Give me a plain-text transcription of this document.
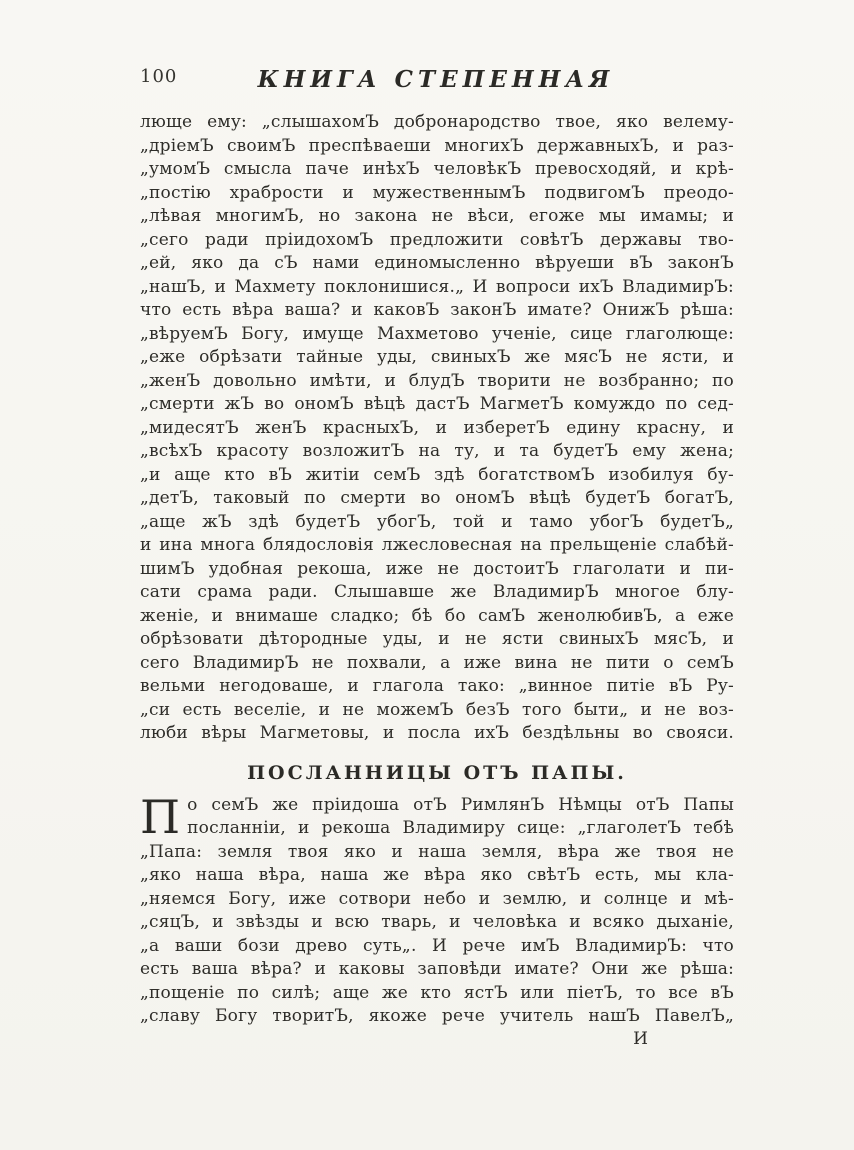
КНИГА СТЕПЕННАЯ
100
люще ему: „слышахомЪ добронародство твое, яко велему-
„дріемЪ своимЪ преспѣваеши многихЪ державныхЪ, и раз-
„умомЪ смысла паче инѣхЪ человѣкЪ превосходяй, и крѣ-
„постію храбрости и мужественнымЪ подвигомЪ преодо-
„лѣвая многимЪ, но закона не вѣси, егоже мы имамы; и
„сего ради пріидохомЪ предложити совѣтЪ державы тво-
„ей, яко да сЪ нами единомысленно вѣруеши вЪ законЪ
„нашЪ, и Махмету поклонишися.„ И вопроси ихЪ ВладимирЪ:
что есть вѣра ваша? и каковЪ законЪ имате? ОнижЪ рѣша:
„вѣруемЪ Богу, имуще Махметово ученіе, сице глаголюще:
„еже обрѣзати тайные уды, свиныхЪ же мясЪ не ясти, и
„женЪ довольно имѣти, и блудЪ творити не возбранно; по
„смерти жЪ во ономЪ вѣцѣ дастЪ МагметЪ комуждо по сед-
„мидесятЪ женЪ красныхЪ, и изберетЪ едину красну, и
„всѣхЪ красоту возложитЪ на ту, и та будетЪ ему жена;
„и аще кто вЪ житіи семЪ здѣ богатствомЪ изобилуя бу-
„детЪ, таковый по смерти во ономЪ вѣцѣ будетЪ богатЪ,
„аще жЪ здѣ будетЪ убогЪ, той и тамо убогЪ будетЪ„
и ина многа блядословія лжесловесная на прельщеніе слабѣй-
шимЪ удобная рекоша, иже не достоитЪ глаголати и пи-
сати срама ради. Слышавше же ВладимирЪ многое блу-
женіе, и внимаше сладко; бѣ бо самЪ женолюбивЪ, а еже
обрѣзовати дѣтородные уды, и не ясти свиныхЪ мясЪ, и
сего ВладимирЪ не похвали, а иже вина не пити о семЪ
вельми негодоваше, и глагола тако: „винное питіе вЪ Ру-
„си есть веселіе, и не можемЪ безЪ того быти„ и не воз-
люби вѣры Магметовы, и посла ихЪ бездѣльны во свояси.
ПОСЛАННИЦЫ ОТЪ ПАПЫ.
П о семЪ же пріидоша отЪ РимлянЪ Нѣмцы отЪ Папы
посланніи, и рекоша Владимиру сице: „глаголетЪ тебѣ
„Папа: земля твоя яко и наша земля, вѣра же твоя не
„яко наша вѣра, наша же вѣра яко свѣтЪ есть, мы кла-
„няемся Богу, иже сотвори небо и землю, и солнце и мѣ-
„сяцЪ, и звѣзды и всю тварь, и человѣка и всяко дыханіе,
„а ваши бози древо суть„. И рече имЪ ВладимирЪ: что
есть ваша вѣра? и каковы заповѣди имате? Они же рѣша:
„пощеніе по силѣ; аще же кто ястЪ или піетЪ, то все вЪ
„славу Богу творитЪ, якоже рече учитель нашЪ ПавелЪ„
И
